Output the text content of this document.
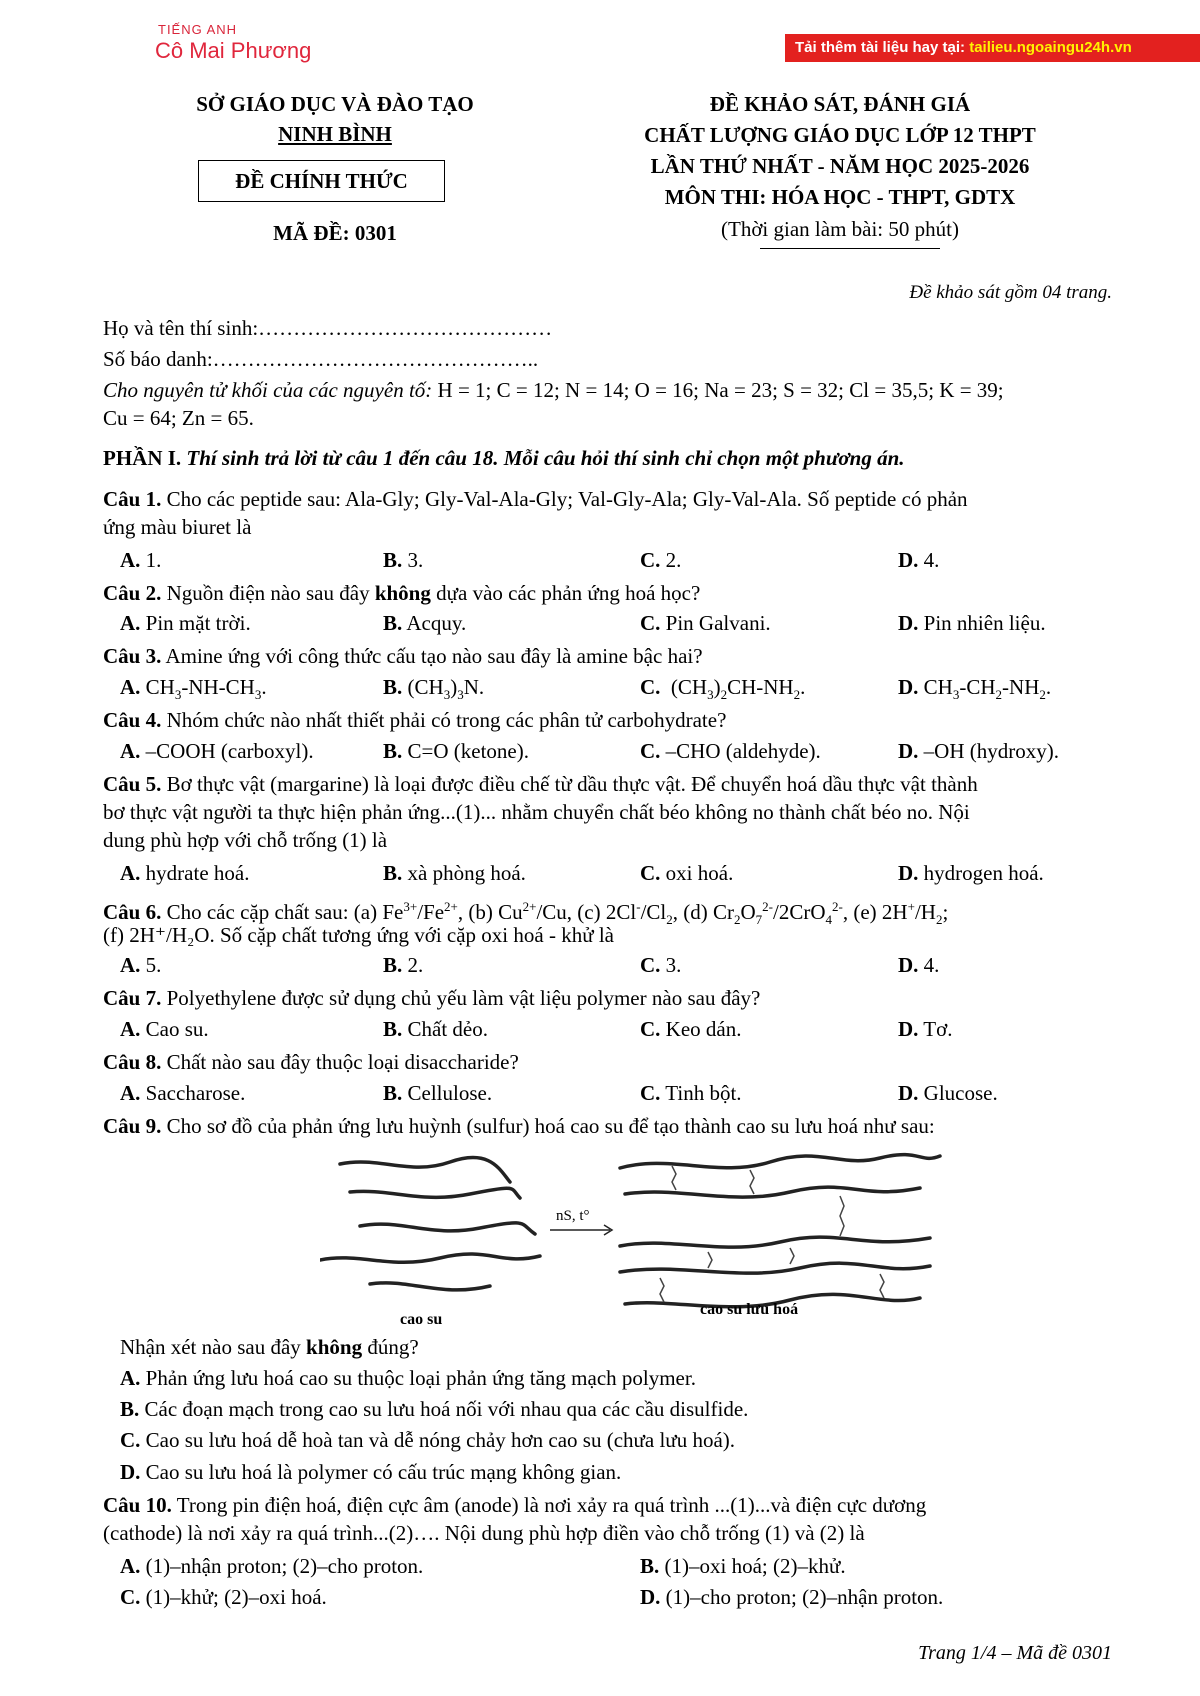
TIẾNG ANH
Cô Mai Phương	Tải thêm tài liệu hay tại: tailieu.ngoaingu24h.vn
SỞ GIÁO DỤC VÀ ĐÀO TẠO
NINH BÌNH
ĐỀ CHÍNH THỨC
MÃ ĐỀ: 0301
ĐỀ KHẢO SÁT, ĐÁNH GIÁ
CHẤT LƯỢNG GIÁO DỤC LỚP 12 THPT
LẦN THỨ NHẤT - NĂM HỌC 2025-2026
MÔN THI: HÓA HỌC - THPT, GDTX
(Thời gian làm bài: 50 phút)
Đề khảo sát gồm 04 trang.
Họ và tên thí sinh:……………………………………
Số báo danh:………………………………………..
Cho nguyên tử khối của các nguyên tố: H = 1; C = 12; N = 14; O = 16; Na = 23; S = 32; Cl = 35,5; K = 39;
Cu = 64; Zn = 65.
PHẦN I. Thí sinh trả lời từ câu 1 đến câu 18. Mỗi câu hỏi thí sinh chỉ chọn một phương án.
Câu 1. Cho các peptide sau: Ala-Gly; Gly-Val-Ala-Gly; Val-Gly-Ala; Gly-Val-Ala. Số peptide có phản
ứng màu biuret là
A. 1.	B. 3.	C. 2.	D. 4.
Câu 2. Nguồn điện nào sau đây không dựa vào các phản ứng hoá học?
A. Pin mặt trời.	B. Acquy.	C. Pin Galvani.	D. Pin nhiên liệu.
Câu 3. Amine ứng với công thức cấu tạo nào sau đây là amine bậc hai?
A. $CH_3-NH-CH_3$.	B. $(CH_3)_3N$.	C.  $(CH_3)_2CH-NH_2$.	D. $CH_3-CH_2-NH_2$.
Câu 4. Nhóm chức nào nhất thiết phải có trong các phân tử carbohydrate?
A. –COOH (carboxyl).	B. C=O (ketone).	C. –CHO (aldehyde).	D. –OH (hydroxy).
Câu 5. Bơ thực vật (margarine) là loại được điều chế từ dầu thực vật. Để chuyển hoá dầu thực vật thành
bơ thực vật người ta thực hiện phản ứng...(1)... nhằm chuyển chất béo không no thành chất béo no. Nội
dung phù hợp với chỗ trống (1) là
A. hydrate hoá.	B. xà phòng hoá.	C. oxi hoá.	D. hydrogen hoá.
Câu 6. Cho các cặp chất sau: (a) $Fe^{3+}/Fe^{2+}$, (b) $Cu^{2+}/Cu$, (c) $2Cl^-/Cl_2$, (d) $Cr_2O_7^{2-}/2CrO_4^{2-}$, (e) $2H^+/H_2$;
(f) 2H⁺/H₂O. Số cặp chất tương ứng với cặp oxi hoá - khử là
A. 5.	B. 2.	C. 3.	D. 4.
Câu 7. Polyethylene được sử dụng chủ yếu làm vật liệu polymer nào sau đây?
A. Cao su.	B. Chất dẻo.	C. Keo dán.	D. Tơ.
Câu 8. Chất nào sau đây thuộc loại disaccharide?
A. Saccharose.	B. Cellulose.	C. Tinh bột.	D. Glucose.
Câu 9. Cho sơ đồ của phản ứng lưu huỳnh (sulfur) hoá cao su để tạo thành cao su lưu hoá như sau:
nS, t°
cao su
cao su lưu hoá
Nhận xét nào sau đây không đúng?
A. Phản ứng lưu hoá cao su thuộc loại phản ứng tăng mạch polymer.
B. Các đoạn mạch trong cao su lưu hoá nối với nhau qua các cầu disulfide.
C. Cao su lưu hoá dễ hoà tan và dễ nóng chảy hơn cao su (chưa lưu hoá).
D. Cao su lưu hoá là polymer có cấu trúc mạng không gian.
Câu 10. Trong pin điện hoá, điện cực âm (anode) là nơi xảy ra quá trình ...(1)...và điện cực dương
(cathode) là nơi xảy ra quá trình...(2)…. Nội dung phù hợp điền vào chỗ trống (1) và (2) là
A. (1)–nhận proton; (2)–cho proton.	B. (1)–oxi hoá; (2)–khử.
C. (1)–khử; (2)–oxi hoá.	D. (1)–cho proton; (2)–nhận proton.
Trang 1/4 – Mã đề 0301
